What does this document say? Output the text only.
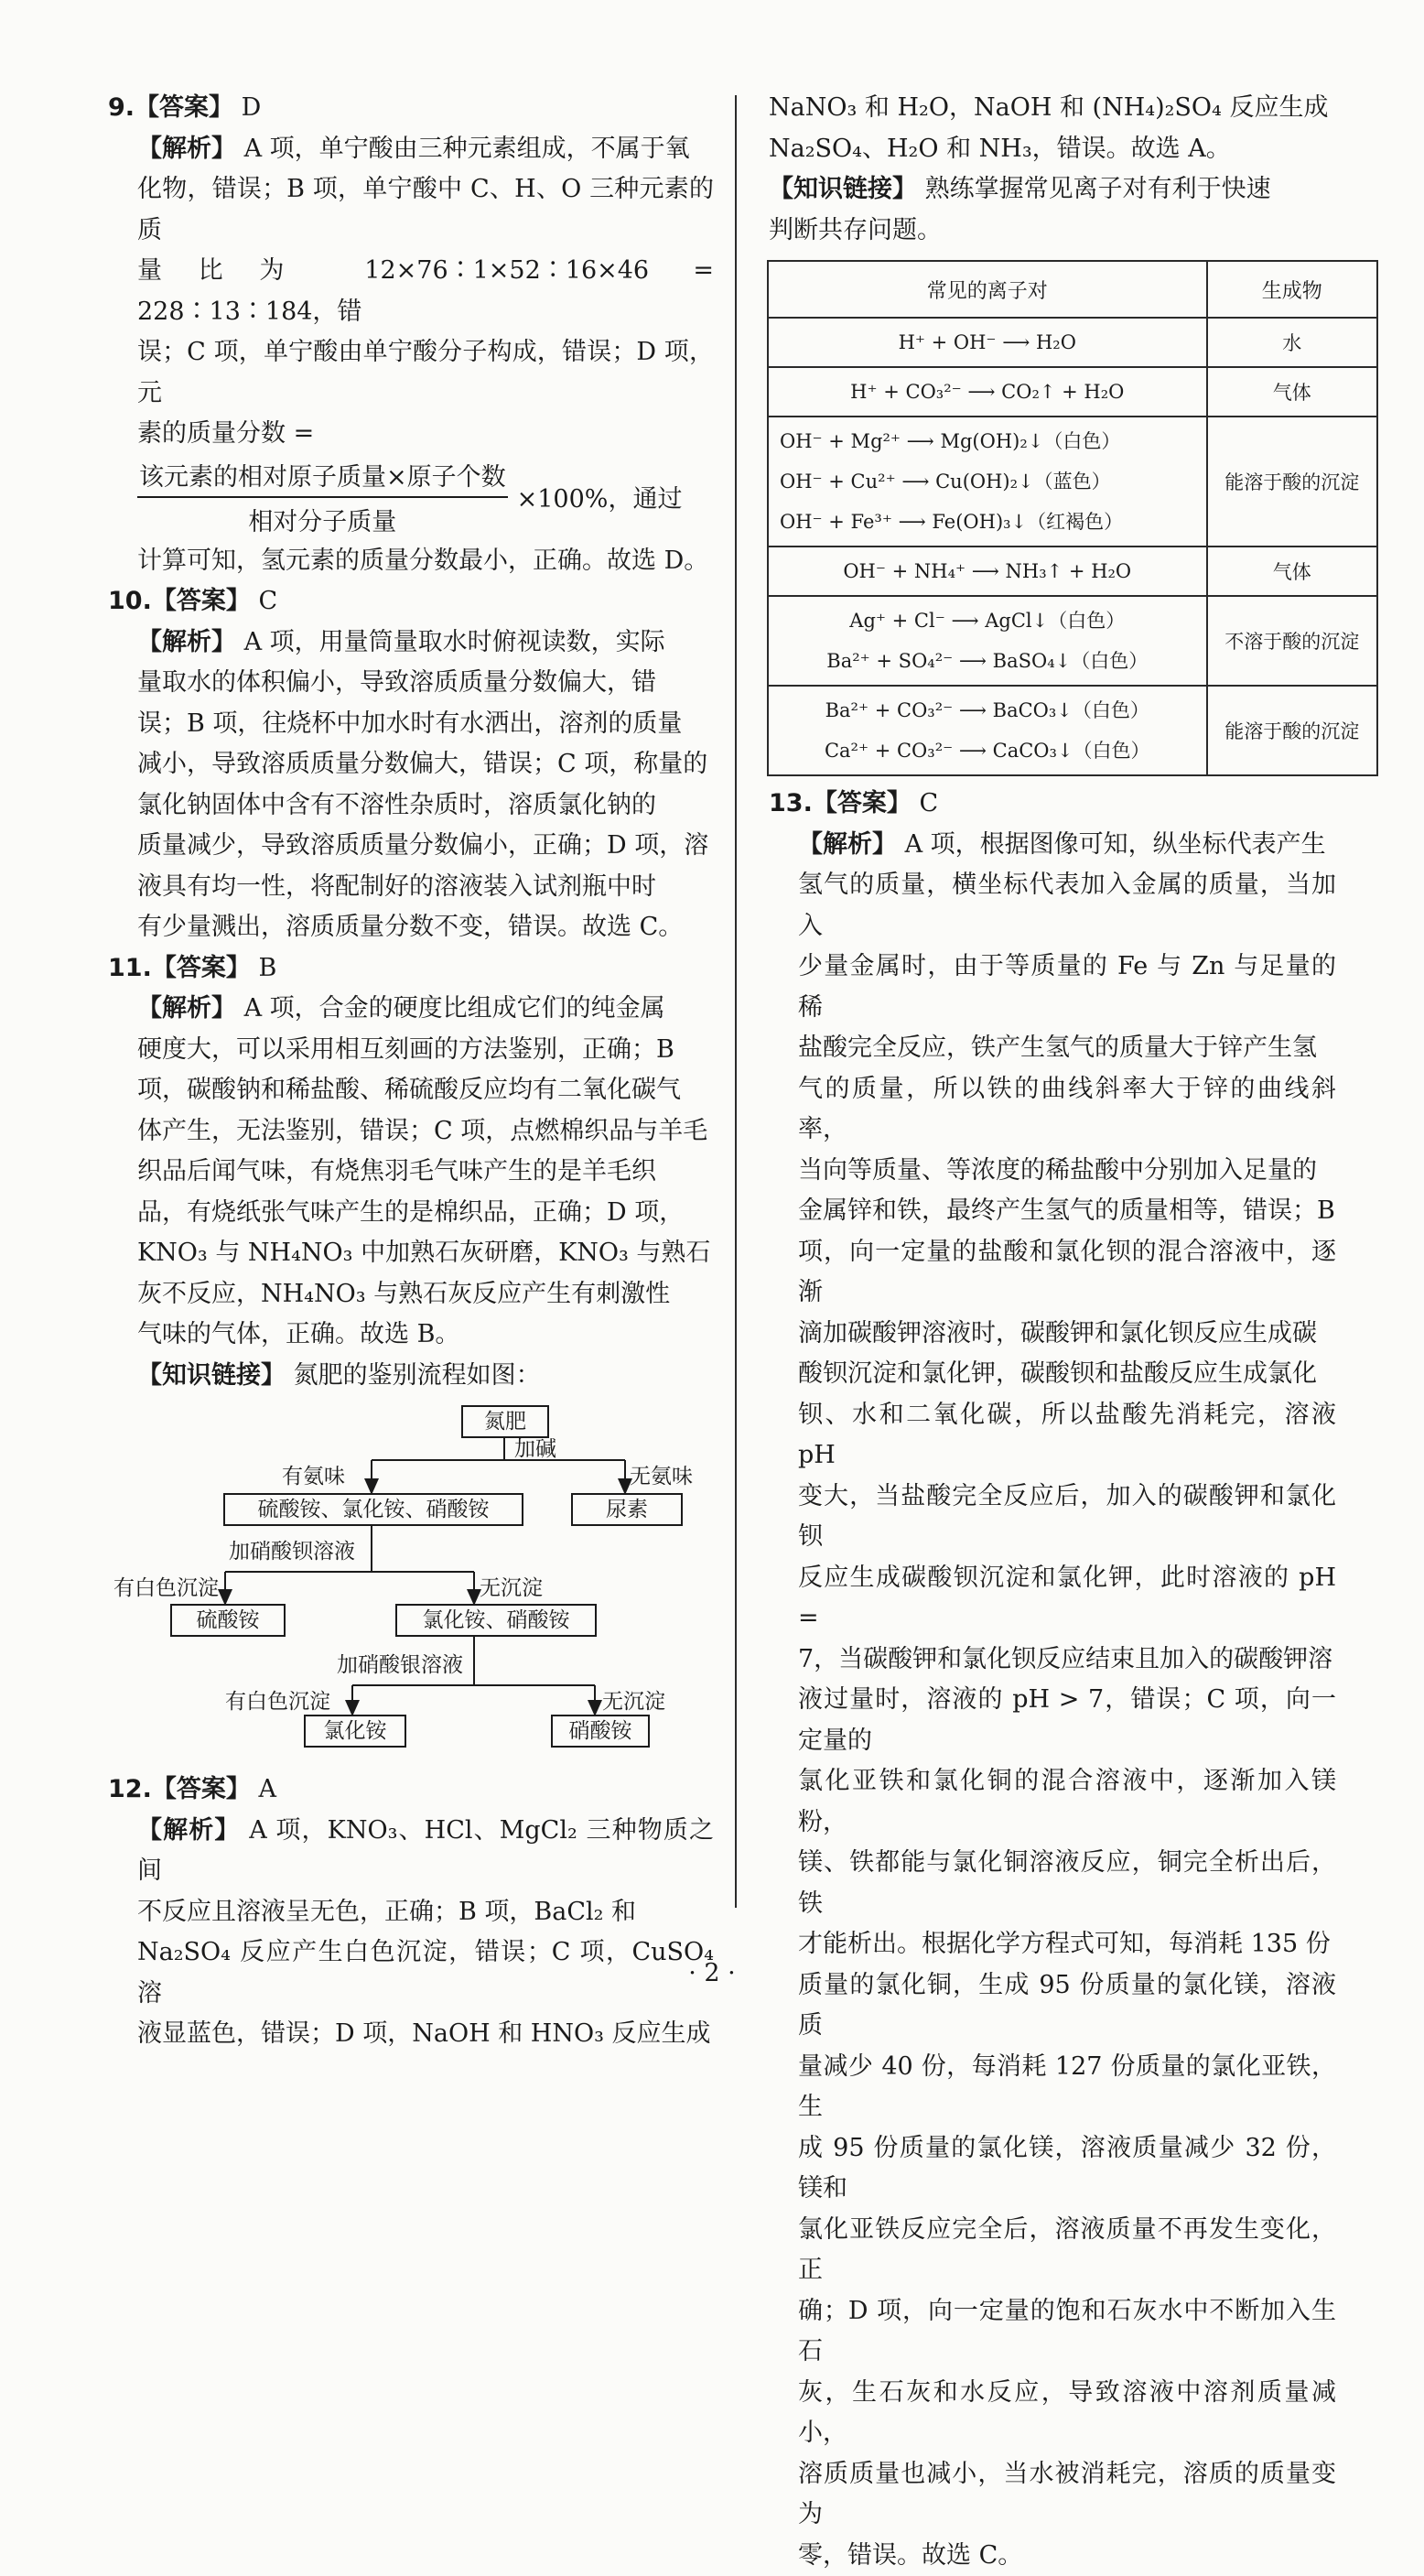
9.【答案】 D

【解析】 A 项，单宁酸由三种元素组成，不属于氧

化物，错误；B 项，单宁酸中 C、H、O 三种元素的质

量比为 12×76∶1×52∶16×46 = 228∶13∶184，错

误；C 项，单宁酸由单宁酸分子构成，错误；D 项，元

素的质量分数 =

$\frac{\text{该元素的相对原子质量×原子个数}}{\text{相对分子质量}} \times 100\%$，通过

计算可知，氢元素的质量分数最小，正确。故选 D。

10.【答案】 C

【解析】 A 项，用量筒量取水时俯视读数，实际

量取水的体积偏小，导致溶质质量分数偏大，错

误；B 项，往烧杯中加水时有水洒出，溶剂的质量

减小，导致溶质质量分数偏大，错误；C 项，称量的

氯化钠固体中含有不溶性杂质时，溶质氯化钠的

质量减少，导致溶质质量分数偏小，正确；D 项，溶

液具有均一性，将配制好的溶液装入试剂瓶中时

有少量溅出，溶质质量分数不变，错误。故选 C。

11.【答案】 B

【解析】 A 项，合金的硬度比组成它们的纯金属

硬度大，可以采用相互刻画的方法鉴别，正确；B

项，碳酸钠和稀盐酸、稀硫酸反应均有二氧化碳气

体产生，无法鉴别，错误；C 项，点燃棉织品与羊毛

织品后闻气味，有烧焦羽毛气味产生的是羊毛织

品，有烧纸张气味产生的是棉织品，正确；D 项，

KNO₃ 与 NH₄NO₃ 中加熟石灰研磨，KNO₃ 与熟石

灰不反应，NH₄NO₃ 与熟石灰反应产生有刺激性

气味的气体，正确。故选 B。

【知识链接】 氮肥的鉴别流程如图：

氮肥
加碱
有氨味	无氨味
硫酸铵、氯化铵、硝酸铵	尿素
加硝酸钡溶液
有白色沉淀	无沉淀
硫酸铵	氯化铵、硝酸铵
加硝酸银溶液
有白色沉淀	无沉淀
氯化铵	硝酸铵
12.【答案】 A

【解析】 A 项，KNO₃、HCl、MgCl₂ 三种物质之间

不反应且溶液呈无色，正确；B 项，BaCl₂ 和

Na₂SO₄ 反应产生白色沉淀，错误；C 项，CuSO₄ 溶

液显蓝色，错误；D 项，NaOH 和 HNO₃ 反应生成

NaNO₃ 和 H₂O，NaOH 和 (NH₄)₂SO₄ 反应生成

Na₂SO₄、H₂O 和 NH₃，错误。故选 A。

【知识链接】 熟练掌握常见离子对有利于快速

判断共存问题。

常见的离子对	生成物

H⁺ + OH⁻ ⟶ H₂O	水

H⁺ + CO₃²⁻ ⟶ CO₂↑ + H₂O	气体

OH⁻ + Mg²⁺ ⟶ Mg(OH)₂↓（白色）
OH⁻ + Cu²⁺ ⟶ Cu(OH)₂↓（蓝色）
OH⁻ + Fe³⁺ ⟶ Fe(OH)₃↓（红褐色）	能溶于酸的沉淀

OH⁻ + NH₄⁺ ⟶ NH₃↑ + H₂O	气体

Ag⁺ + Cl⁻ ⟶ AgCl↓（白色）
Ba²⁺ + SO₄²⁻ ⟶ BaSO₄↓（白色）	不溶于酸的沉淀

Ba²⁺ + CO₃²⁻ ⟶ BaCO₃↓（白色）
Ca²⁺ + CO₃²⁻ ⟶ CaCO₃↓（白色）	能溶于酸的沉淀
13.【答案】 C

【解析】 A 项，根据图像可知，纵坐标代表产生

氢气的质量，横坐标代表加入金属的质量，当加入

少量金属时，由于等质量的 Fe 与 Zn 与足量的稀

盐酸完全反应，铁产生氢气的质量大于锌产生氢

气的质量，所以铁的曲线斜率大于锌的曲线斜率，

当向等质量、等浓度的稀盐酸中分别加入足量的

金属锌和铁，最终产生氢气的质量相等，错误；B

项，向一定量的盐酸和氯化钡的混合溶液中，逐渐

滴加碳酸钾溶液时，碳酸钾和氯化钡反应生成碳

酸钡沉淀和氯化钾，碳酸钡和盐酸反应生成氯化

钡、水和二氧化碳，所以盐酸先消耗完，溶液 pH

变大，当盐酸完全反应后，加入的碳酸钾和氯化钡

反应生成碳酸钡沉淀和氯化钾，此时溶液的 pH =

7，当碳酸钾和氯化钡反应结束且加入的碳酸钾溶

液过量时，溶液的 pH > 7，错误；C 项，向一定量的

氯化亚铁和氯化铜的混合溶液中，逐渐加入镁粉，

镁、铁都能与氯化铜溶液反应，铜完全析出后，铁

才能析出。根据化学方程式可知，每消耗 135 份

质量的氯化铜，生成 95 份质量的氯化镁，溶液质

量减少 40 份，每消耗 127 份质量的氯化亚铁，生

成 95 份质量的氯化镁，溶液质量减少 32 份，镁和

氯化亚铁反应完全后，溶液质量不再发生变化，正

确；D 项，向一定量的饱和石灰水中不断加入生石

灰，生石灰和水反应，导致溶液中溶剂质量减小，

溶质质量也减小，当水被消耗完，溶质的质量变为

零，错误。故选 C。

· 2 ·
